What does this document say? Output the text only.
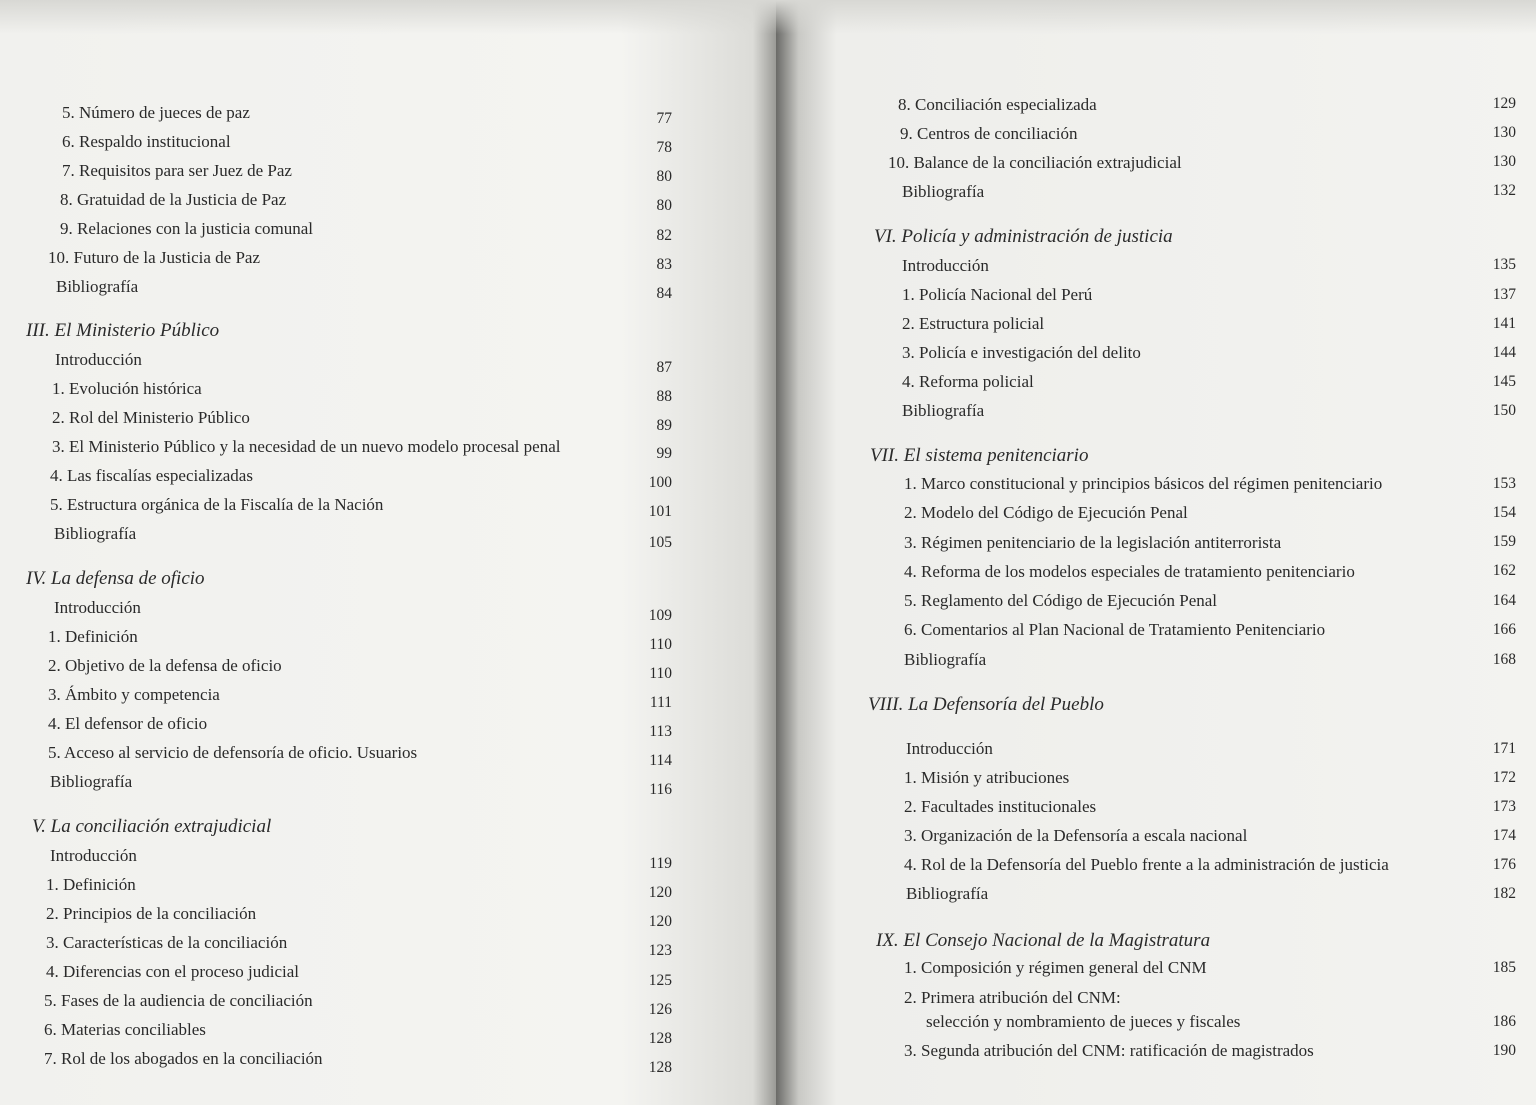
5. Número de jueces de paz	77
6. Respaldo institucional	78
7. Requisitos para ser Juez de Paz	80
8. Gratuidad de la Justicia de Paz	80
9. Relaciones con la justicia comunal	82
10. Futuro de la Justicia de Paz	83
Bibliografía	84
III. El Ministerio Público
Introducción	87
1. Evolución histórica	88
2. Rol del Ministerio Público	89
3. El Ministerio Público y la necesidad de un nuevo modelo procesal penal	99
4. Las fiscalías especializadas	100
5. Estructura orgánica de la Fiscalía de la Nación	101
Bibliografía	105
IV. La defensa de oficio
Introducción	109
1. Definición	110
2. Objetivo de la defensa de oficio	110
3. Ámbito y competencia	111
4. El defensor de oficio	113
5. Acceso al servicio de defensoría de oficio. Usuarios	114
Bibliografía	116
V. La conciliación extrajudicial
Introducción	119
1. Definición	120
2. Principios de la conciliación	120
3. Características de la conciliación	123
4. Diferencias con el proceso judicial	125
5. Fases de la audiencia de conciliación	126
6. Materias conciliables	128
7. Rol de los abogados en la conciliación	128
8. Conciliación especializada	129
9. Centros de conciliación	130
10. Balance de la conciliación extrajudicial	130
Bibliografía	132
VI. Policía y administración de justicia
Introducción	135
1. Policía Nacional del Perú	137
2. Estructura policial	141
3. Policía e investigación del delito	144
4. Reforma policial	145
Bibliografía	150
VII. El sistema penitenciario
1. Marco constitucional y principios básicos del régimen penitenciario	153
2. Modelo del Código de Ejecución Penal	154
3. Régimen penitenciario de la legislación antiterrorista	159
4. Reforma de los modelos especiales de tratamiento penitenciario	162
5. Reglamento del Código de Ejecución Penal	164
6. Comentarios al Plan Nacional de Tratamiento Penitenciario	166
Bibliografía	168
VIII. La Defensoría del Pueblo
Introducción	171
1. Misión y atribuciones	172
2. Facultades institucionales	173
3. Organización de la Defensoría a escala nacional	174
4. Rol de la Defensoría del Pueblo frente a la administración de justicia	176
Bibliografía	182
IX. El Consejo Nacional de la Magistratura
1. Composición y régimen general del CNM	185
2. Primera atribución del CNM:
selección y nombramiento de jueces y fiscales	186
3. Segunda atribución del CNM: ratificación de magistrados	190
